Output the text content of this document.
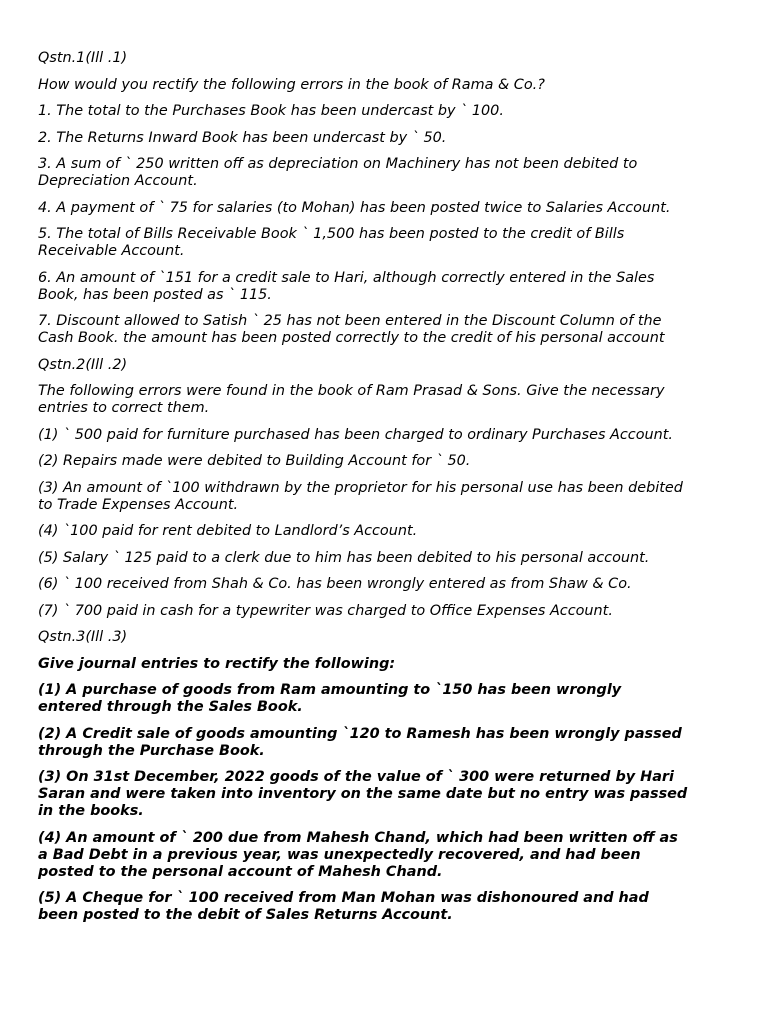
Qstn.1(Ill .1)

How would you rectify the following errors in the book of Rama & Co.?

1. The total to the Purchases Book has been undercast by ` 100.

2. The Returns Inward Book has been undercast by ` 50.

3. A sum of ` 250 written off as depreciation on Machinery has not been debited to Depreciation Account.

4. A payment of ` 75 for salaries (to Mohan) has been posted twice to Salaries Account.

5. The total of Bills Receivable Book ` 1,500 has been posted to the credit of Bills Receivable Account.

6. An amount of `151 for a credit sale to Hari, although correctly entered in the Sales Book, has been posted as ` 115.

7. Discount allowed to Satish ` 25 has not been entered in the Discount Column of the Cash Book. the amount has been posted correctly to the credit of his personal account

Qstn.2(Ill .2)

The following errors were found in the book of Ram Prasad & Sons. Give the necessary entries to correct them.

(1) ` 500 paid for furniture purchased has been charged to ordinary Purchases Account.

(2) Repairs made were debited to Building Account for ` 50.

(3) An amount of `100 withdrawn by the proprietor for his personal use has been debited to Trade Expenses Account.

(4) `100 paid for rent debited to Landlord’s Account.

(5) Salary ` 125 paid to a clerk due to him has been debited to his personal account.

(6) ` 100 received from Shah & Co. has been wrongly entered as from Shaw & Co.

(7) ` 700 paid in cash for a typewriter was charged to Office Expenses Account.

Qstn.3(Ill .3)

Give journal entries to rectify the following:

(1) A purchase of goods from Ram amounting to `150 has been wrongly entered through the Sales Book.

(2) A Credit sale of goods amounting `120 to Ramesh has been wrongly passed through the Purchase Book.

(3) On 31st December, 2022 goods of the value of ` 300 were returned by Hari Saran and were taken into inventory on the same date but no entry was passed in the books.

(4) An amount of ` 200 due from Mahesh Chand, which had been written off as a Bad Debt in a previous year, was unexpectedly recovered, and had been posted to the personal account of Mahesh Chand.

(5) A Cheque for ` 100 received from Man Mohan was dishonoured and had been posted to the debit of Sales Returns Account.
